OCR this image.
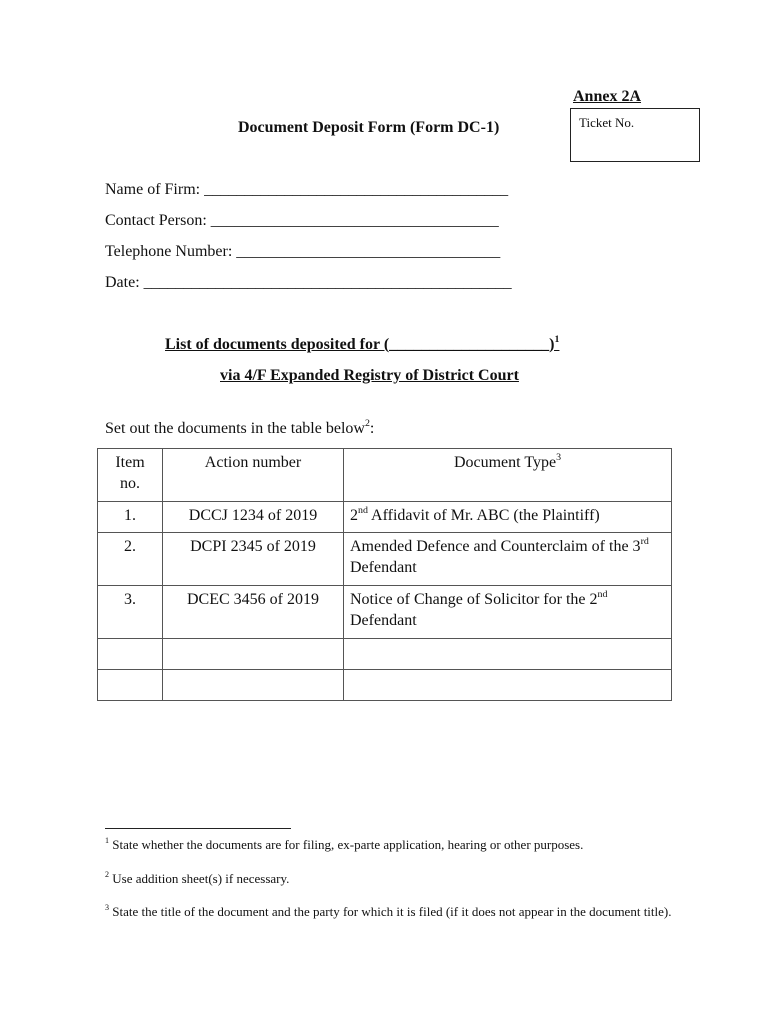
Annex 2A
Document Deposit Form (Form DC-1)	Ticket No.
Name of Firm: ______________________________________
Contact Person: ____________________________________
Telephone Number: _________________________________
Date: ______________________________________________
List of documents deposited for (____________________)$^1$
via 4/F Expanded Registry of District Court
Set out the documents in the table below$^2$:
Item no.	Action number	Document Type$^3$
1.	DCCJ 1234 of 2019	2nd Affidavit of Mr. ABC (the Plaintiff)
2.	DCPI 2345 of 2019	Amended Defence and Counterclaim of the 3rd Defendant
3.	DCEC 3456 of 2019	Notice of Change of Solicitor for the 2nd Defendant

$^1$ State whether the documents are for filing, ex-parte application, hearing or other purposes.
$^2$ Use addition sheet(s) if necessary.
$^3$ State the title of the document and the party for which it is filed (if it does not appear in the document title).
